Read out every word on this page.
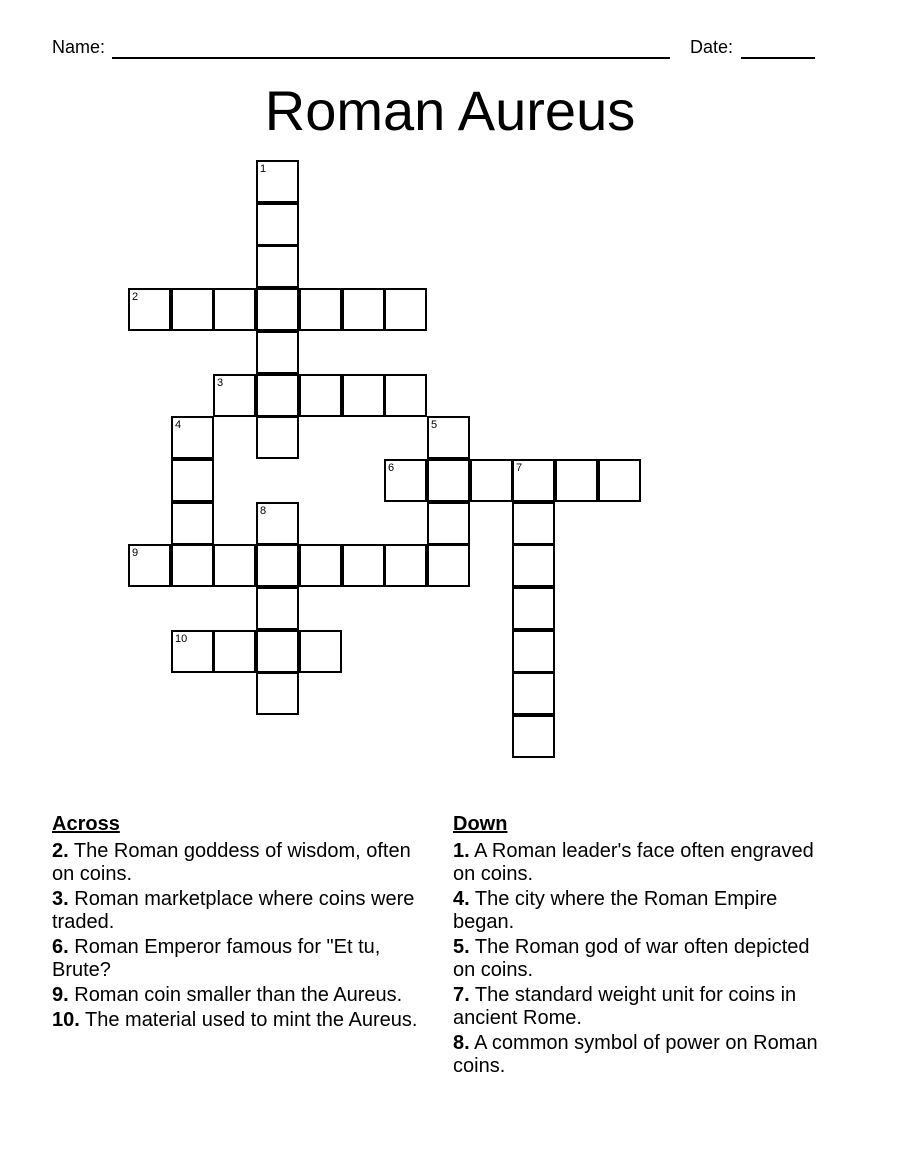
Name:	Date:
Roman Aureus
1
2
3
4	5
6	7
8
9
10
Across
2. The Roman goddess of wisdom, often on coins.
3. Roman marketplace where coins were traded.
6. Roman Emperor famous for "Et tu, Brute?
9. Roman coin smaller than the Aureus.
10. The material used to mint the Aureus.
Down
1. A Roman leader's face often engraved on coins.
4. The city where the Roman Empire began.
5. The Roman god of war often depicted on coins.
7. The standard weight unit for coins in ancient Rome.
8. A common symbol of power on Roman coins.
